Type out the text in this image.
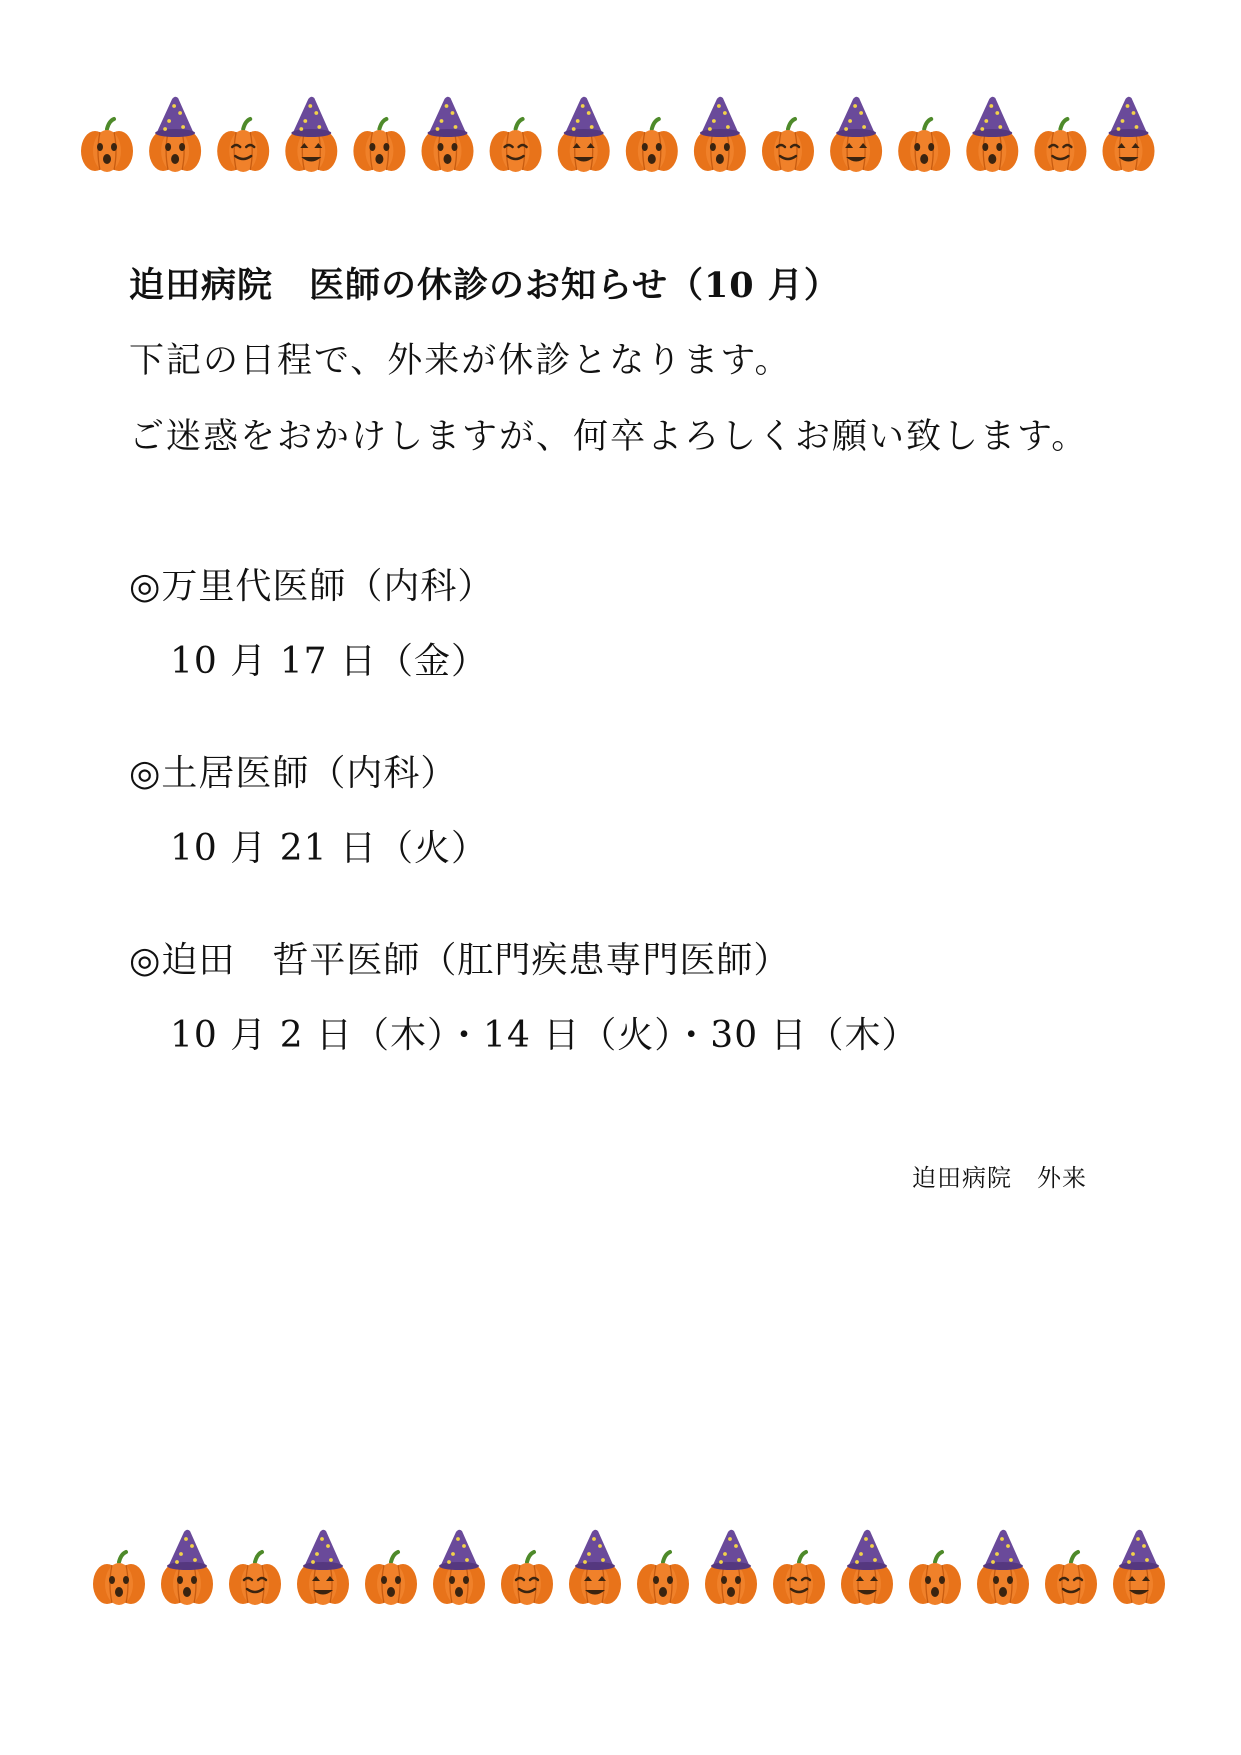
迫田病院　医師の休診のお知らせ（10 月）
下記の日程で、外来が休診となります。
ご迷惑をおかけしますが、何卒よろしくお願い致します。
◎万里代医師（内科）
10 月 17 日（金）
◎土居医師（内科）
10 月 21 日（火）
◎迫田　哲平医師（肛門疾患専門医師）
10 月 2 日（木）・14 日（火）・30 日（木）
迫田病院　外来
